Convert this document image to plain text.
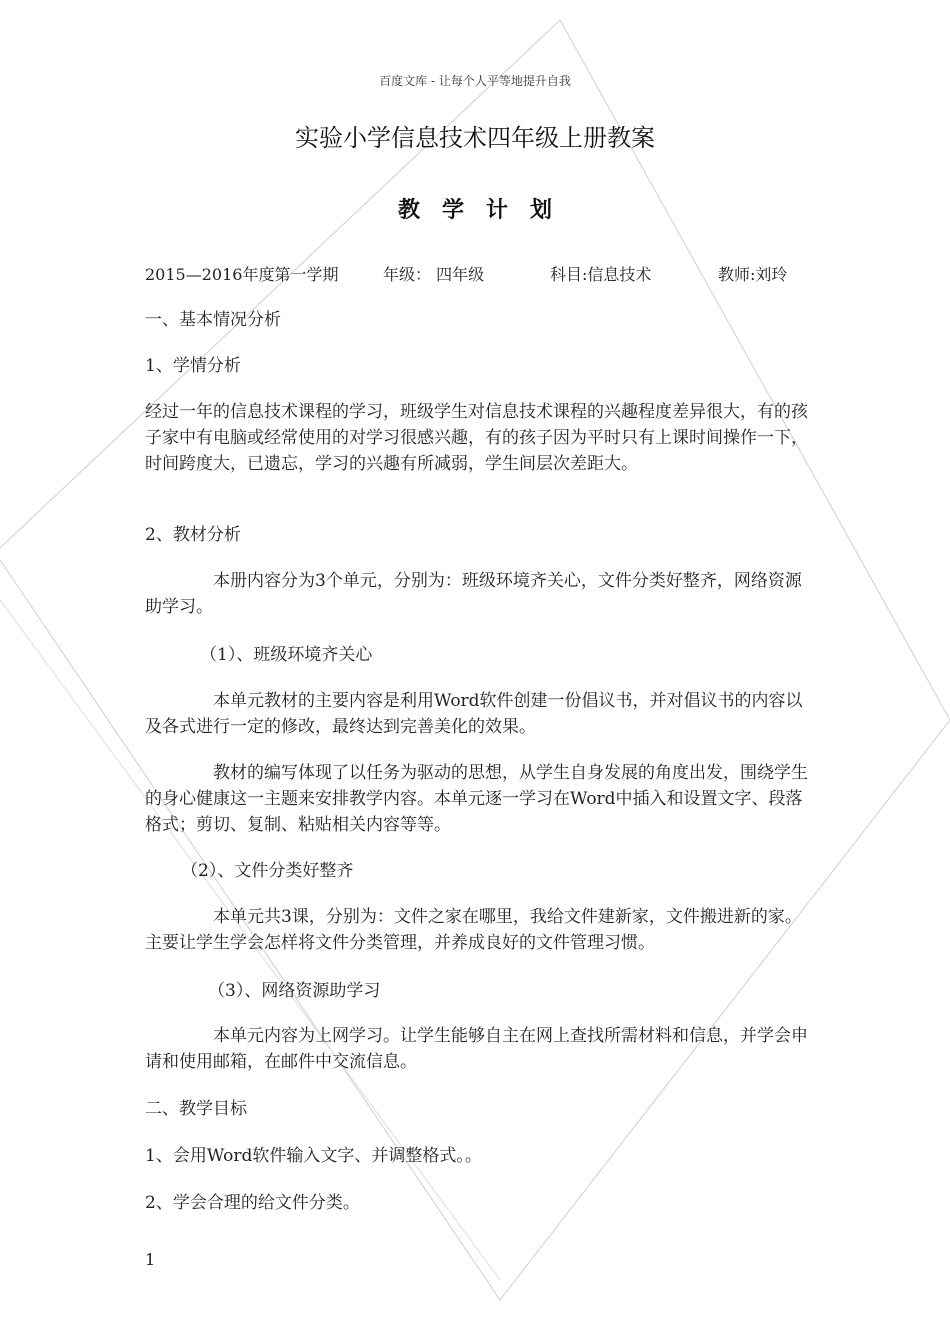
百度文库 - 让每个人平等地提升自我
实验小学信息技术四年级上册教案
教学计划
2015—2016年度第一学期	年级： 四年级	科目:信息技术	教师:刘玲

一、基本情况分析

1、学情分析

经过一年的信息技术课程的学习，班级学生对信息技术课程的兴趣程度差异很大，有的孩子家中有电脑或经常使用的对学习很感兴趣，有的孩子因为平时只有上课时间操作一下，时间跨度大，已遗忘，学习的兴趣有所减弱，学生间层次差距大。

2、教材分析

本册内容分为3个单元，分别为：班级环境齐关心，文件分类好整齐，网络资源助学习。

（1）、班级环境齐关心

本单元教材的主要内容是利用Word软件创建一份倡议书，并对倡议书的内容以及各式进行一定的修改，最终达到完善美化的效果。

教材的编写体现了以任务为驱动的思想，从学生自身发展的角度出发，围绕学生的身心健康这一主题来安排教学内容。本单元逐一学习在Word中插入和设置文字、段落格式；剪切、复制、粘贴相关内容等等。

（2）、文件分类好整齐

本单元共3课，分别为：文件之家在哪里，我给文件建新家，文件搬进新的家。主要让学生学会怎样将文件分类管理，并养成良好的文件管理习惯。

（3）、网络资源助学习

本单元内容为上网学习。让学生能够自主在网上查找所需材料和信息，并学会申请和使用邮箱，在邮件中交流信息。

二、教学目标

1、会用Word软件输入文字、并调整格式。。

2、学会合理的给文件分类。

1
